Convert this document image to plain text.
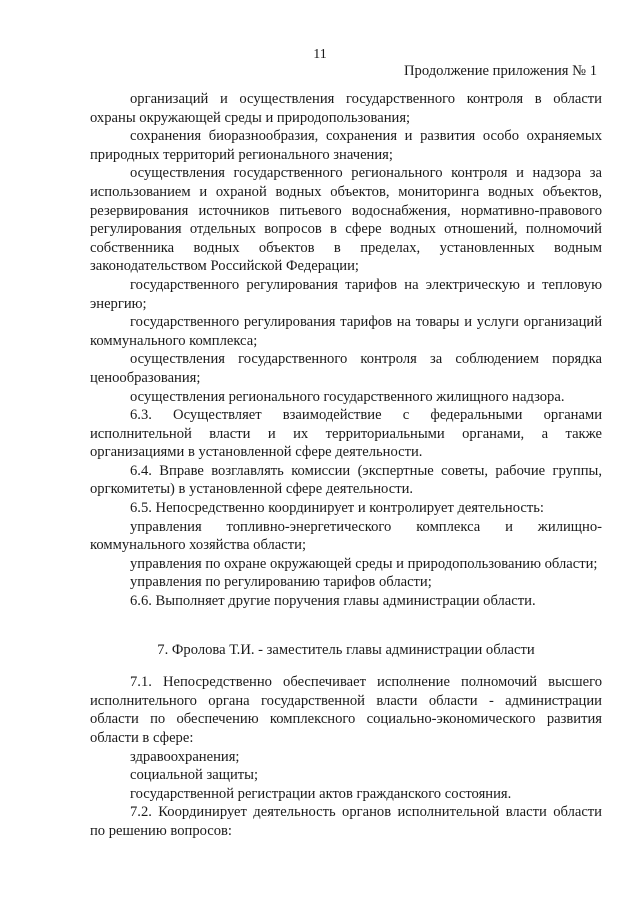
11
Продолжение приложения № 1

организаций и осуществления государственного контроля в области охраны окружающей среды и природопользования;

сохранения биоразнообразия, сохранения и развития особо охраняемых природных территорий регионального значения;

осуществления государственного регионального контроля и надзора за использованием и охраной водных объектов, мониторинга водных объектов, резервирования источников питьевого водоснабжения, нормативно-правового регулирования отдельных вопросов в сфере водных отношений, полномочий собственника водных объектов в пределах, установленных водным законодательством Российской Федерации;

государственного регулирования тарифов на электрическую и тепловую энергию;

государственного регулирования тарифов на товары и услуги организаций коммунального комплекса;

осуществления государственного контроля за соблюдением порядка ценообразования;

осуществления регионального государственного жилищного надзора.

6.3. Осуществляет взаимодействие с федеральными органами исполнительной власти и их территориальными органами, а также организациями в установленной сфере деятельности.

6.4. Вправе возглавлять комиссии (экспертные советы, рабочие группы, оргкомитеты) в установленной сфере деятельности.

6.5. Непосредственно координирует и контролирует деятельность:

управления топливно-энергетического комплекса и жилищно-коммунального хозяйства области;

управления по охране окружающей среды и природопользованию области;

управления по регулированию тарифов области;

6.6. Выполняет другие поручения главы администрации области.

7. Фролова Т.И. - заместитель главы администрации области

7.1. Непосредственно обеспечивает исполнение полномочий высшего исполнительного органа государственной власти области - администрации области по обеспечению комплексного социально-экономического развития области в сфере:

здравоохранения;

социальной защиты;

государственной регистрации актов гражданского состояния.

7.2. Координирует деятельность органов исполнительной власти области по решению вопросов:
